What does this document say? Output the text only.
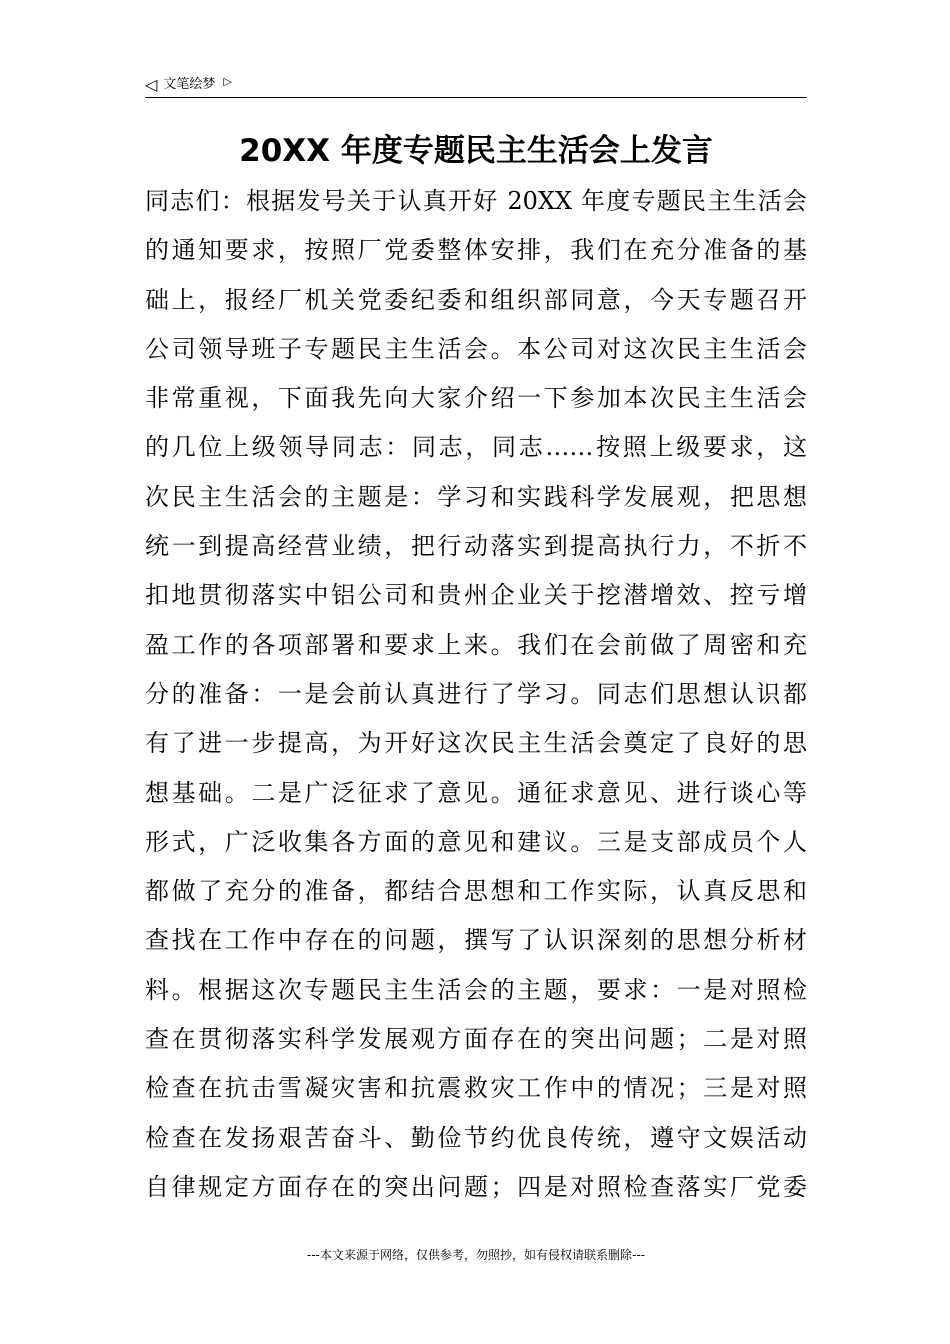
◁ 文笔绘梦 ▷
20XX 年度专题民主生活会上发言
同志们：根据发号关于认真开好 20XX 年度专题民主生活会
的通知要求，按照厂党委整体安排，我们在充分准备的基
础上，报经厂机关党委纪委和组织部同意，今天专题召开
公司领导班子专题民主生活会。本公司对这次民主生活会
非常重视，下面我先向大家介绍一下参加本次民主生活会
的几位上级领导同志：同志，同志……按照上级要求，这
次民主生活会的主题是：学习和实践科学发展观，把思想
统一到提高经营业绩，把行动落实到提高执行力，不折不
扣地贯彻落实中铝公司和贵州企业关于挖潜增效、控亏增
盈工作的各项部署和要求上来。我们在会前做了周密和充
分的准备：一是会前认真进行了学习。同志们思想认识都
有了进一步提高，为开好这次民主生活会奠定了良好的思
想基础。二是广泛征求了意见。通征求意见、进行谈心等
形式，广泛收集各方面的意见和建议。三是支部成员个人
都做了充分的准备，都结合思想和工作实际，认真反思和
查找在工作中存在的问题，撰写了认识深刻的思想分析材
料。根据这次专题民主生活会的主题，要求：一是对照检
查在贯彻落实科学发展观方面存在的突出问题；二是对照
检查在抗击雪凝灾害和抗震救灾工作中的情况；三是对照
检查在发扬艰苦奋斗、勤俭节约优良传统，遵守文娱活动
自律规定方面存在的突出问题；四是对照检查落实厂党委
---本文来源于网络，仅供参考，勿照抄，如有侵权请联系删除---
